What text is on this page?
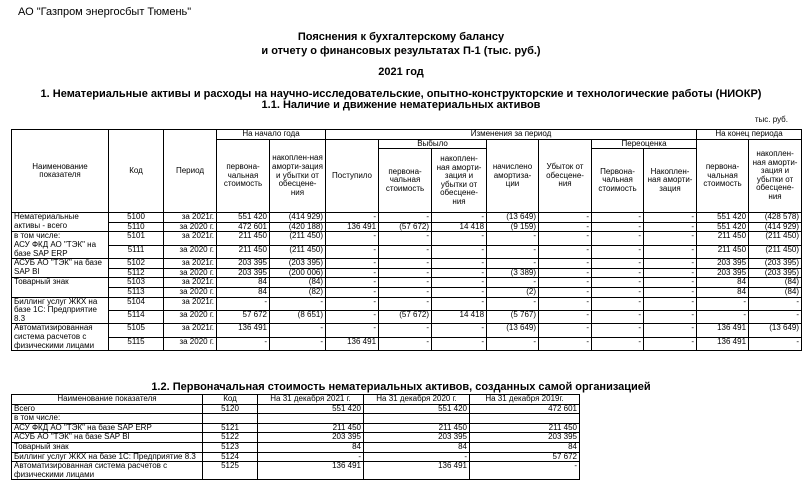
АО "Газпром энергосбыт Тюмень"
Пояснения к бухгалтерскому балансу
и отчету о финансовых результатах П-1 (тыс. руб.)
2021 год
1. Нематериальные активы и расходы на научно-исследовательские, опытно-конструкторские и технологические работы (НИОКР)
1.1. Наличие и движение нематериальных активов
тыс. руб.
Наименование показателя	Код	Период	На начало года		Изменения за период							На конец периода	
			первона-чальная стоимость	накоплен-ная аморти-зация и убытки от обесцене-ния	Поступило	Выбыло		начислено амортиза-ции	Убыток от обесцене-ния	Переоценка		первона-чальная стоимость	накоплен-ная аморти-зация и убытки от обесцене-ния
						первона-чальная стоимость	накоплен-ная аморти-зация и убытки от обесцене-ния			Первона-чальная стоимость	Накоплен-ная аморти-зация		
Нематериальные активы - всего	5100	за 2021г.	551 420	(414 929)	-	-	-	(13 649)	-	-	-	551 420	(428 578)
	5110	за 2020 г.	472 601	(420 188)	136 491	(57 672)	14 418	(9 159)	-	-	-	551 420	(414 929)

в том числе:
АСУ ФКД АО "ТЭК" на базе SAP ERP	5101	за 2021г.	211 450	(211 450)	-	-	-	-	-	-	-	211 450	(211 450)
	5111	за 2020 г.	211 450	(211 450)	-	-	-	-	-	-	-	211 450	(211 450)
АСУБ АО "ТЭК" на базе SAP BI	5102	за 2021г.	203 395	(203 395)	-	-	-	-	-	-	-	203 395	(203 395)
	5112	за 2020 г.	203 395	(200 006)	-	-	-	(3 389)	-	-	-	203 395	(203 395)
Товарный знак	5103	за 2021г.	84	(84)	-	-	-	-	-	-	-	84	(84)
	5113	за 2020 г.	84	(82)	-	-	-	(2)	-	-	-	84	(84)
Биллинг услуг ЖКХ на базе 1С: Предприятие 8.3	5104	за 2021г.	-	-	-	-	-	-	-	-	-	-	-
	5114	за 2020 г.	57 672	(8 651)	-	(57 672)	14 418	(5 767)	-	-	-	-	-
Автоматизированная система расчетов с физическими лицами	5105	за 2021г.	136 491	-	-	-	-	(13 649)	-	-	-	136 491	(13 649)
	5115	за 2020 г.	-	-	136 491	-	-	-	-	-	-	136 491	-
1.2. Первоначальная стоимость нематериальных активов, созданных самой организацией
Наименование показателя	Код	На 31 декабря 2021 г.	На 31 декабря 2020 г.	На 31 декабря 2019г.
Всего	5120	551 420	551 420	472 601
в том числе:				
АСУ ФКД АО "ТЭК" на базе SAP ERP	5121	211 450	211 450	211 450
АСУБ АО "ТЭК" на базе SAP BI	5122	203 395	203 395	203 395
Товарный знак	5123	84	84	84
Биллинг услуг ЖКХ на базе 1С: Предприятие 8.3	5124	-	-	57 672
Автоматизированная система расчетов с физическими лицами	5125	136 491	136 491	-
